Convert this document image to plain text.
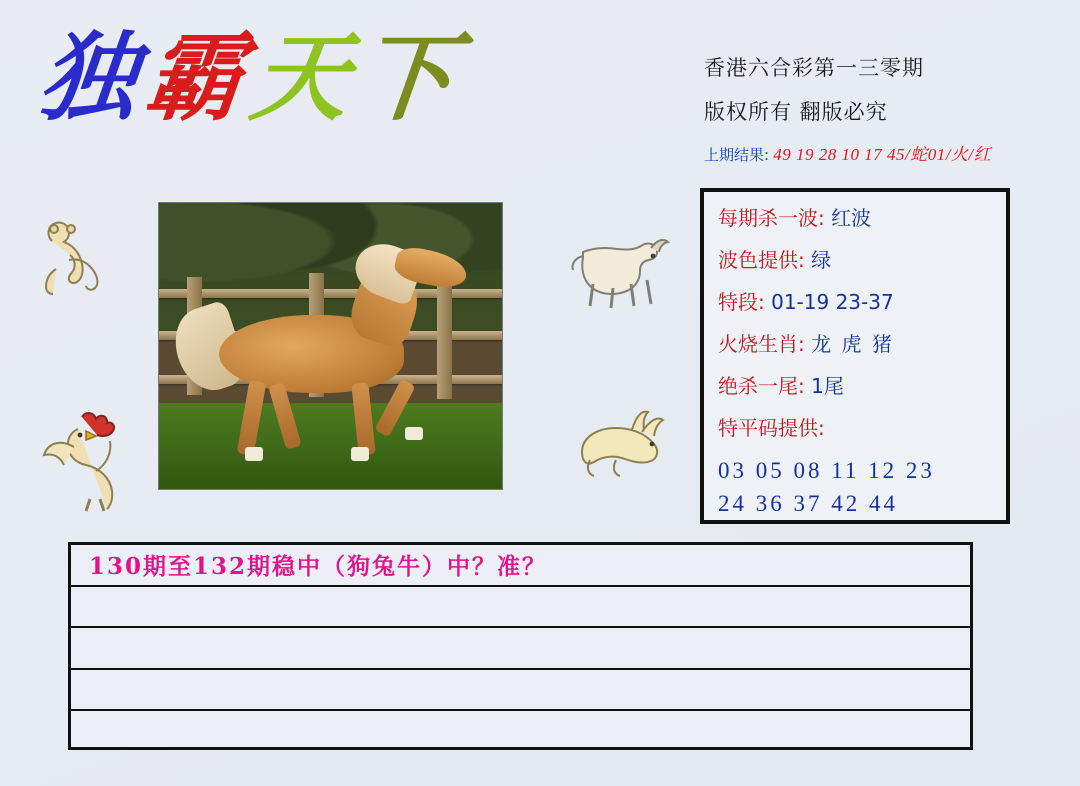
独
霸
天
下	香港六合彩第一三零期
版权所有 翻版必究
上期结果: 49 19 28 10 17 45/蛇01/火/红
每期杀一波: 红波
波色提供: 绿
特段: 01-19 23-37
火烧生肖: 龙 虎 猪
绝杀一尾: 1尾
特平码提供:
03 05 08 11 12 23
24 36 37 42 44
130期至132期稳中（狗兔牛）中？准？
